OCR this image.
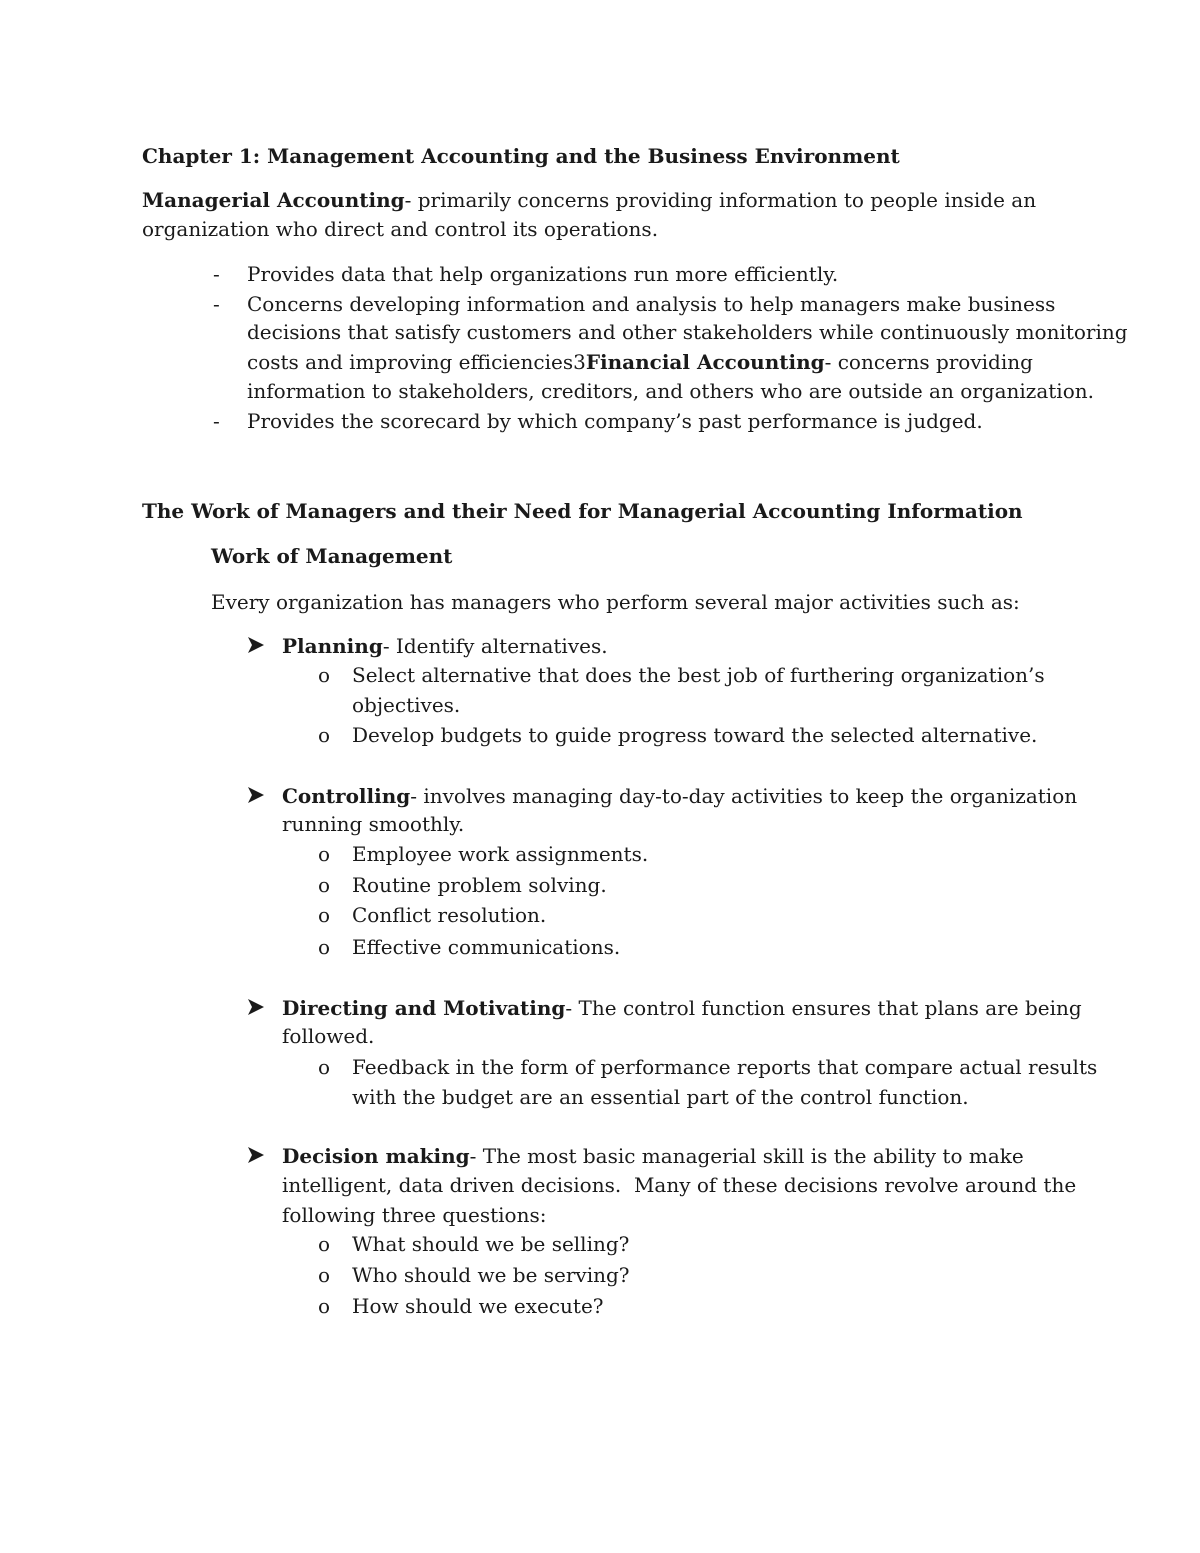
Chapter 1: Management Accounting and the Business Environment
Managerial Accounting- primarily concerns providing information to people inside an
organization who direct and control its operations.
- Provides data that help organizations run more efficiently.
- Concerns developing information and analysis to help managers make business
decisions that satisfy customers and other stakeholders while continuously monitoring
costs and improving efficiencies3Financial Accounting- concerns providing
information to stakeholders, creditors, and others who are outside an organization.
- Provides the scorecard by which company’s past performance is judged.
The Work of Managers and their Need for Managerial Accounting Information
Work of Management
Every organization has managers who perform several major activities such as:
Planning- Identify alternatives.
o Select alternative that does the best job of furthering organization’s
objectives.
o Develop budgets to guide progress toward the selected alternative.
Controlling- involves managing day-to-day activities to keep the organization
running smoothly.
o Employee work assignments.
o Routine problem solving.
o Conflict resolution.
o Effective communications.
Directing and Motivating- The control function ensures that plans are being
followed.
o Feedback in the form of performance reports that compare actual results
with the budget are an essential part of the control function.
Decision making- The most basic managerial skill is the ability to make
intelligent, data driven decisions.  Many of these decisions revolve around the
following three questions:
o What should we be selling?
o Who should we be serving?
o How should we execute?
